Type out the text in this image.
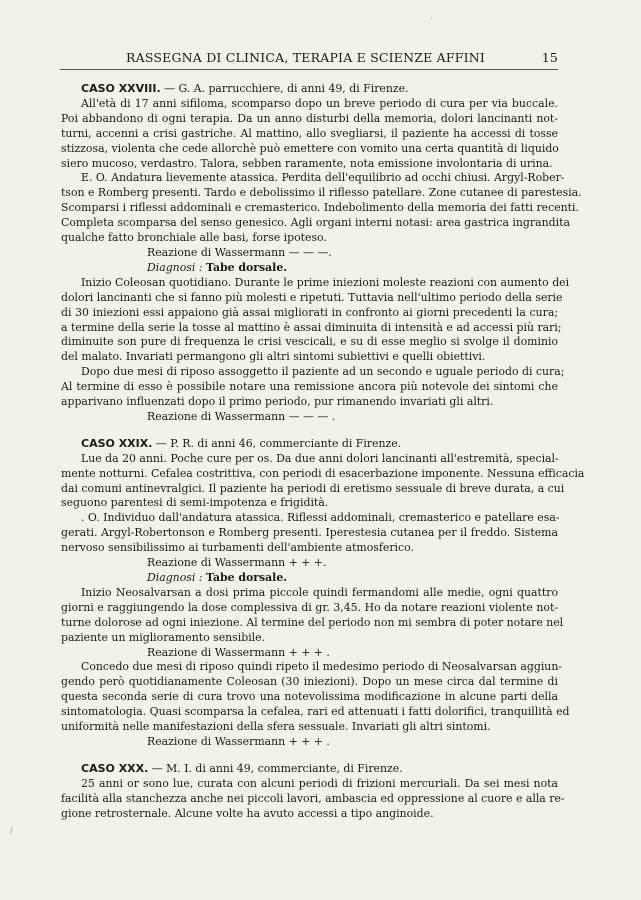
RASSEGNA DI CLINICA, TERAPIA E SCIENZE AFFINI	15

CASO XXVIII. — G. A. parrucchiere, di anni 49, di Firenze.

All'età di 17 anni sifiloma, scomparso dopo un breve periodo di cura per via buccale.
Poi abbandono di ogni terapia. Da un anno disturbi della memoria, dolori lancinanti not-
turni, accenni a crisi gastriche. Al mattino, allo svegliarsi, il paziente ha accessi di tosse
stizzosa, violenta che cede allorchè può emettere con vomito una certa quantità di liquido
siero mucoso, verdastro. Talora, sebben raramente, nota emissione involontaria di urina.

E. O. Andatura lievemente atassica. Perdita dell'equilibrio ad occhi chiusi. Argyl-Rober-
tson e Romberg presenti. Tardo e debolissimo il riflesso patellare. Zone cutanee di parestesia.
Scomparsi i riflessi addominali e cremasterico. Indebolimento della memoria dei fatti recenti.
Completa scomparsa del senso genesico. Agli organi interni notasi: area gastrica ingrandita
qualche fatto bronchiale alle basi, forse ipoteso.

Reazione di Wassermann — — —.

Diagnosi : Tabe dorsale.

Inizio Coleosan quotidiano. Durante le prime iniezioni moleste reazioni con aumento dei
dolori lancinanti che si fanno più molesti e ripetuti. Tuttavia nell'ultimo periodo della serie
di 30 iniezioni essi appaiono già assai migliorati in confronto ai giorni precedenti la cura;
a termine della serie la tosse al mattino è assai diminuita di intensità e ad accessi più rari;
diminuite son pure di frequenza le crisi vescicali, e su di esse meglio si svolge il dominio
del malato. Invariati permangono gli altri sintomi subiettivi e quelli obiettivi.

Dopo due mesi di riposo assoggetto il paziente ad un secondo e uguale periodo di cura;
Al termine di esso è possibile notare una remissione ancora più notevole dei sintomi che
apparivano influenzati dopo il primo periodo, pur rimanendo invariati gli altri.

Reazione di Wassermann — — — .

CASO XXIX. — P. R. di anni 46, commerciante di Firenze.

Lue da 20 anni. Poche cure per os. Da due anni dolori lancinanti all'estremità, special-
mente notturni. Cefalea costrittiva, con periodi di esacerbazione imponente. Nessuna efficacia
dai comuni antinevralgici. Il paziente ha periodi di eretismo sessuale di breve durata, a cui
seguono parentesi di semi-impotenza e frigidità.

. O. Individuo dall'andatura atassica. Riflessi addominali, cremasterico e patellare esa-
gerati. Argyl-Robertonson e Romberg presenti. Iperestesia cutanea per il freddo. Sistema
nervoso sensibilissimo ai turbamenti dell'ambiente atmosferico.

Reazione di Wassermann + + +.

Diagnosi : Tabe dorsale.

Inizio Neosalvarsan a dosi prima piccole quindi fermandomi alle medie, ogni quattro
giorni e raggiungendo la dose complessiva di gr. 3,45. Ho da notare reazioni violente not-
turne dolorose ad ogni iniezione. Al termine del periodo non mi sembra di poter notare nel
paziente un miglioramento sensibile.

Reazione di Wassermann + + + .

Concedo due mesi di riposo quindi ripeto il medesimo periodo di Neosalvarsan aggiun-
gendo però quotidianamente Coleosan (30 iniezioni). Dopo un mese circa dal termine di
questa seconda serie di cura trovo una notevolissima modificazione in alcune parti della
sintomatologia. Quasi scomparsa la cefalea, rari ed attenuati i fatti dolorifici, tranquillità ed
uniformità nelle manifestazioni della sfera sessuale. Invariati gli altri sintomi.

Reazione di Wassermann + + + .

CASO XXX. — M. I. di anni 49, commerciante, di Firenze.

25 anni or sono lue, curata con alcuni periodi di frizioni mercuriali. Da sei mesi nota
facilità alla stanchezza anche nei piccoli lavori, ambascia ed oppressione al cuore e alla re-
gione retrosternale. Alcune volte ha avuto accessi a tipo anginoide.

·
/
